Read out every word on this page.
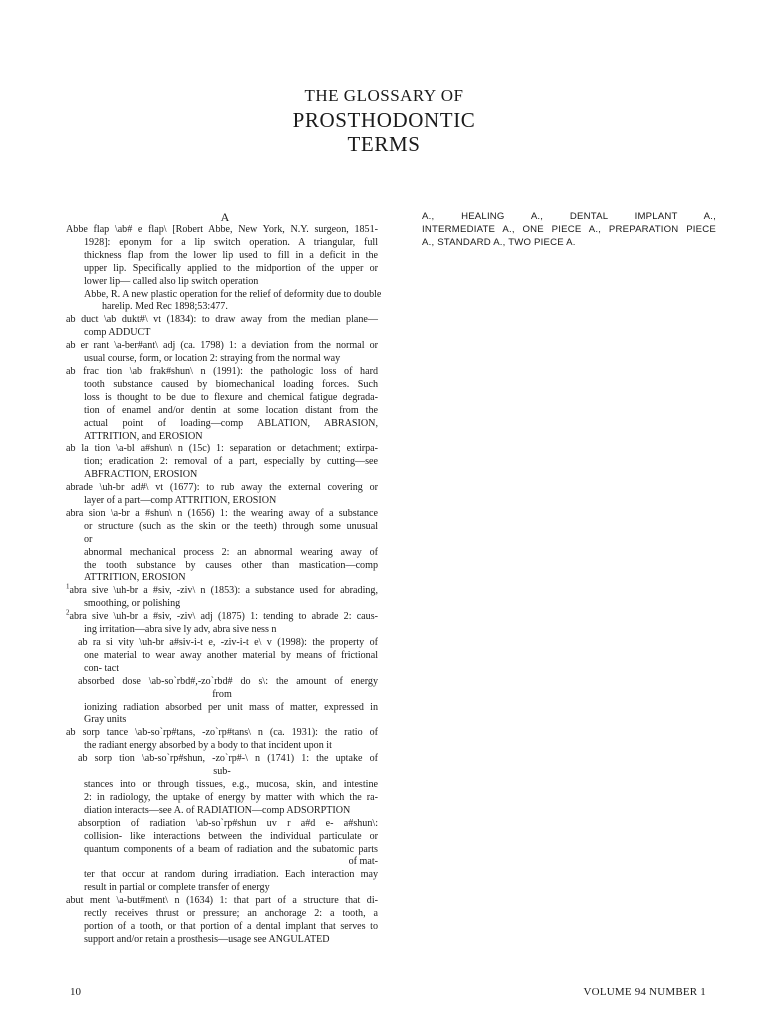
THE GLOSSARY OF
PROSTHODONTIC
TERMS
A
Abbe flap \ab# e flap\ [Robert Abbe, New York, N.Y. surgeon, 1851-
1928]: eponym for a lip switch operation. A triangular, full
thickness flap from the lower lip used to fill in a deficit in the
upper lip. Specifically applied to the midportion of the upper or
lower lip— called also lip switch operation
Abbe, R. A new plastic operation for the relief of deformity due to double
harelip. Med Rec 1898;53:477.
ab duct \ab dukt#\ vt (1834): to draw away from the median plane—
comp ADDUCT
ab er rant \a-ber#ant\ adj (ca. 1798) 1: a deviation from the normal or
usual course, form, or location 2: straying from the normal way
ab frac tion \ab frak#shun\ n (1991): the pathologic loss of hard
tooth substance caused by biomechanical loading forces. Such
loss is thought to be due to flexure and chemical fatigue degrada-
tion of enamel and/or dentin at some location distant from the
actual point of loading—comp ABLATION, ABRASION,
ATTRITION, and EROSION
ab la tion \a-bl a#shun\ n (15c) 1: separation or detachment; extirpa-
tion; eradication 2: removal of a part, especially by cutting—see
ABFRACTION, EROSION
abrade \uh-br ad#\ vt (1677): to rub away the external covering or
layer of a part—comp ATTRITION, EROSION
abra sion \a-br a #shun\ n (1656) 1: the wearing away of a substance
or structure (such as the skin or the teeth) through some unusual
or
abnormal mechanical process 2: an abnormal wearing away of
the tooth substance by causes other than mastication—comp
ATTRITION, EROSION
$^1$abra sive \uh-br a #siv, -ziv\ n (1853): a substance used for abrading,
smoothing, or polishing
$^2$abra sive \uh-br a #siv, -ziv\ adj (1875) 1: tending to abrade 2: caus-
ing irritation—abra sive ly adv, abra sive ness n
ab ra si vity \uh-br a#siv-i-t e, -ziv-i-t e\ v (1998): the property of
one material to wear away another material by means of frictional
con- tact
absorbed dose \ab-so`rbd#,-zo`rbd# do s\: the amount of energy
from
ionizing radiation absorbed per unit mass of matter, expressed in
Gray units
ab sorp tance \ab-so`rp#tans, -zo`rp#tans\ n (ca. 1931): the ratio of
the radiant energy absorbed by a body to that incident upon it
ab sorp tion \ab-so`rp#shun, -zo`rp#-\ n (1741) 1: the uptake of
sub-
stances into or through tissues, e.g., mucosa, skin, and intestine
2: in radiology, the uptake of energy by matter with which the ra-
diation interacts—see A. of RADIATION—comp ADSORPTION
absorption of radiation \ab-so`rp#shun uv r a#d e- a#shun\:
collision- like interactions between the individual particulate or
quantum components of a beam of radiation and the subatomic parts
of mat-
ter that occur at random during irradiation. Each interaction may
result in partial or complete transfer of energy
abut ment \a-but#ment\ n (1634) 1: that part of a structure that di-
rectly receives thrust or pressure; an anchorage 2: a tooth, a
portion of a tooth, or that portion of a dental implant that serves to
support and/or retain a prosthesis—usage see ANGULATED
A., HEALING A., DENTAL IMPLANT A.,
INTERMEDIATE A., ONE PIECE A., PREPARATION PIECE
A., STANDARD A., TWO PIECE A.
10	VOLUME 94 NUMBER 1
